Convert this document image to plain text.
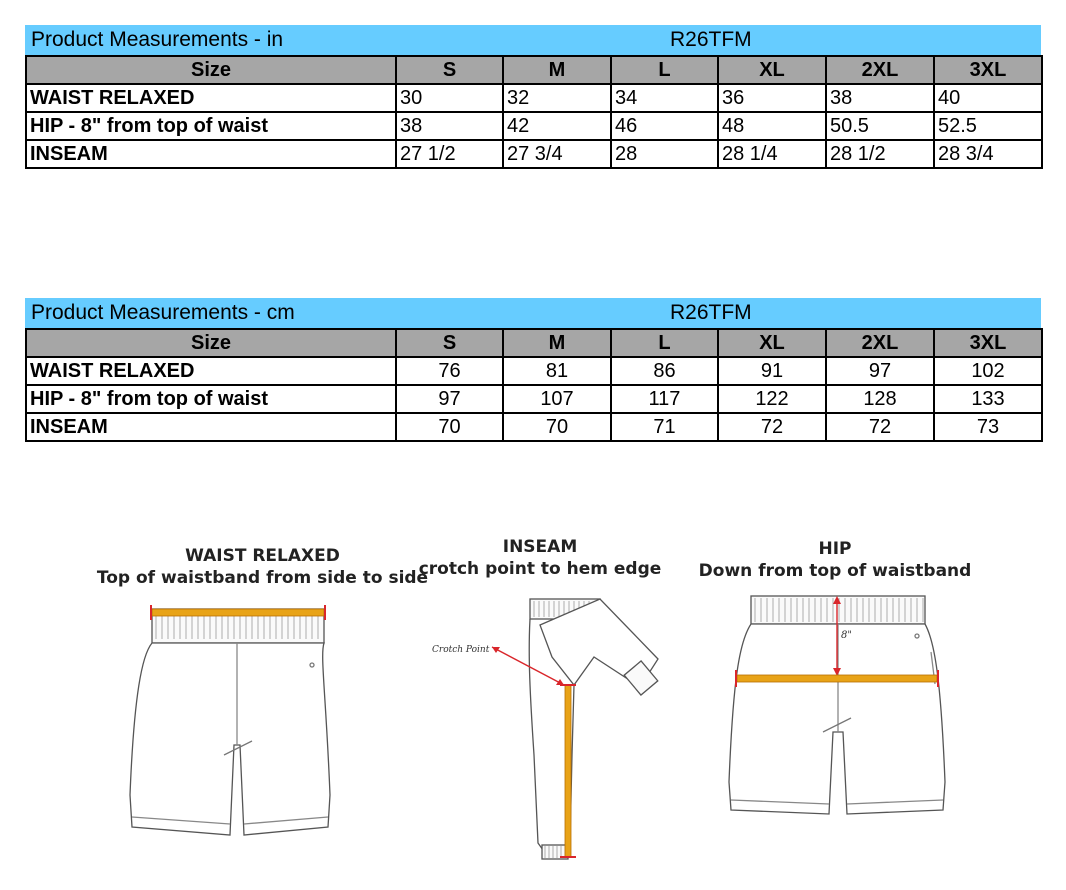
Product Measurements - in	R26TFM
Size	S	M	L	XL	2XL	3XL
WAIST RELAXED	30	32	34	36	38	40
HIP - 8" from top of waist	38	42	46	48	50.5	52.5
INSEAM	27 1/2	27 3/4	28	28 1/4	28 1/2	28 3/4
Product Measurements - cm	R26TFM
Size	S	M	L	XL	2XL	3XL
WAIST RELAXED	76	81	86	91	97	102
HIP - 8" from top of waist	97	107	117	122	128	133
INSEAM	70	70	71	72	72	73
WAIST RELAXED
Top of waistband from side to side
INSEAM
crotch point to hem edge
Crotch Point
HIP
Down from top of waistband
8"
